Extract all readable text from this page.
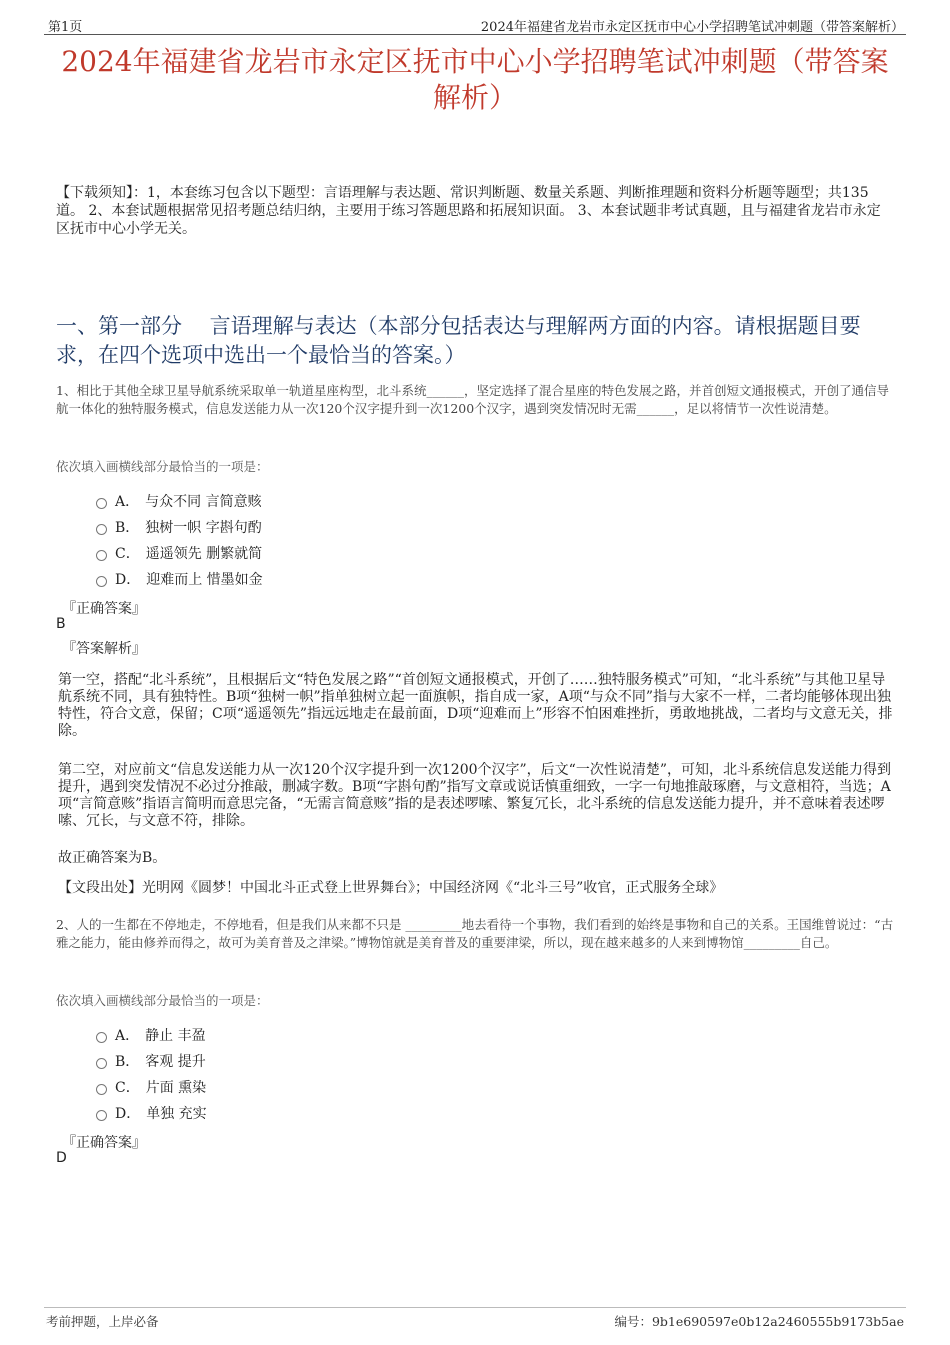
第1页	2024年福建省龙岩市永定区抚市中心小学招聘笔试冲刺题（带答案解析）
2024年福建省龙岩市永定区抚市中心小学招聘笔试冲刺题（带答案解析）
【下载须知】：1，本套练习包含以下题型：言语理解与表达题、常识判断题、数量关系题、判断推理题和资料分析题等题型；共135道。 2、本套试题根据常见招考题总结归纳，主要用于练习答题思路和拓展知识面。 3、本套试题非考试真题，且与福建省龙岩市永定区抚市中心小学无关。
一、第一部分　 言语理解与表达（本部分包括表达与理解两方面的内容。请根据题目要求，在四个选项中选出一个最恰当的答案。）
1、相比于其他全球卫星导航系统采取单一轨道星座构型，北斗系统______，坚定选择了混合星座的特色发展之路，并首创短文通报模式，开创了通信导航一体化的独特服务模式，信息发送能力从一次120个汉字提升到一次1200个汉字，遇到突发情况时无需______，足以将情节一次性说清楚。
依次填入画横线部分最恰当的一项是：
A． 与众不同 言简意赅
B． 独树一帜 字斟句酌
C． 遥遥领先 删繁就简
D． 迎难而上 惜墨如金
『正确答案』
B
『答案解析』
第一空，搭配“北斗系统”，且根据后文“特色发展之路”“首创短文通报模式，开创了……独特服务模式”可知，“北斗系统”与其他卫星导航系统不同，具有独特性。B项“独树一帜”指单独树立起一面旗帜，指自成一家，A项“与众不同”指与大家不一样，二者均能够体现出独特性，符合文意，保留；C项“遥遥领先”指远远地走在最前面，D项“迎难而上”形容不怕困难挫折，勇敢地挑战，二者均与文意无关，排除。
第二空，对应前文“信息发送能力从一次120个汉字提升到一次1200个汉字”，后文“一次性说清楚”，可知，北斗系统信息发送能力得到提升，遇到突发情况不必过分推敲，删减字数。B项“字斟句酌”指写文章或说话慎重细致，一字一句地推敲琢磨，与文意相符，当选；A项“言简意赅”指语言简明而意思完备，“无需言简意赅”指的是表述啰嗦、繁复冗长，北斗系统的信息发送能力提升，并不意味着表述啰嗦、冗长，与文意不符，排除。
故正确答案为B。
【文段出处】光明网《圆梦！中国北斗正式登上世界舞台》；中国经济网《“北斗三号”收官，正式服务全球》
2、人的一生都在不停地走，不停地看，但是我们从来都不只是 _________地去看待一个事物，我们看到的始终是事物和自己的关系。王国维曾说过：“古雅之能力，能由修养而得之，故可为美育普及之津梁。”博物馆就是美育普及的重要津梁，所以，现在越来越多的人来到博物馆_________自己。
依次填入画横线部分最恰当的一项是：
A． 静止 丰盈
B． 客观 提升
C． 片面 熏染
D． 单独 充实
『正确答案』
D
考前押题，上岸必备	编号：9b1e690597e0b12a2460555b9173b5ae
